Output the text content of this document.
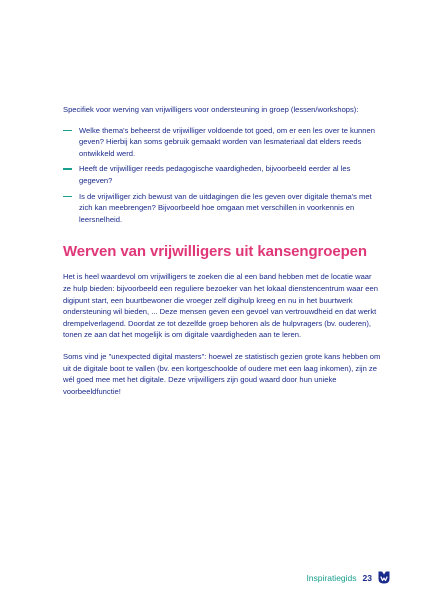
Specifiek voor werving van vrijwilligers voor ondersteuning in groep (lessen/workshops):

Welke thema's beheerst de vrijwilliger voldoende tot goed, om er een les over te kunnen geven? Hierbij kan soms gebruik gemaakt worden van lesmateriaal dat elders reeds ontwikkeld werd.
Heeft de vrijwilliger reeds pedagogische vaardigheden, bijvoorbeeld eerder al les gegeven?
Is de vrijwilliger zich bewust van de uitdagingen die les geven over digitale thema's met zich kan meebrengen? Bijvoorbeeld hoe omgaan met verschillen in voorkennis en leersnelheid.
Werven van vrijwilligers uit kansengroepen

Het is heel waardevol om vrijwilligers te zoeken die al een band hebben met de locatie waar ze hulp bieden: bijvoorbeeld een reguliere bezoeker van het lokaal dienstencentrum waar een digipunt start, een buurtbewoner die vroeger zelf digihulp kreeg en nu in het buurtwerk ondersteuning wil bieden, ... Deze mensen geven een gevoel van vertrouwdheid en dat werkt drempelverlagend. Doordat ze tot dezelfde groep behoren als de hulpvragers (bv. ouderen), tonen ze aan dat het mogelijk is om digitale vaardigheden aan te leren.

Soms vind je "unexpected digital masters": hoewel ze statistisch gezien grote kans hebben om uit de digitale boot te vallen (bv. een kortgeschoolde of oudere met een laag inkomen), zijn ze wél goed mee met het digitale. Deze vrijwilligers zijn goud waard door hun unieke voorbeeldfunctie!

Inspiratiegids 23
